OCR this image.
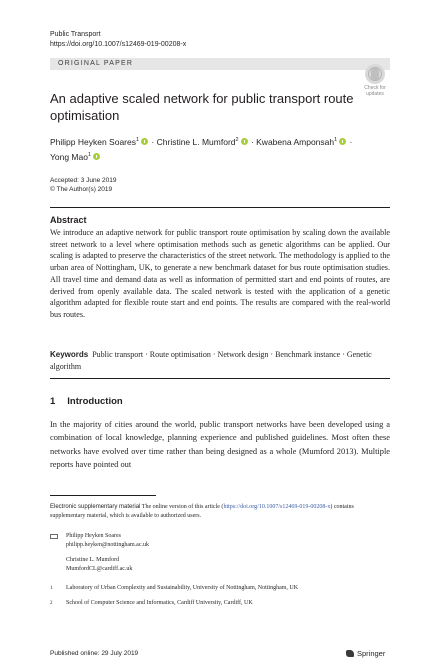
Public Transport
https://doi.org/10.1007/s12469-019-00208-x
ORIGINAL PAPER
Check for
updates
An adaptive scaled network for public transport route optimisation
Philipp Heyken Soares$^1$ · Christine L. Mumford$^2$ · Kwabena Amponsah$^1$ ·
Yong Mao$^1$
Accepted: 3 June 2019
© The Author(s) 2019
Abstract
We introduce an adaptive network for public transport route optimisation by scaling down the available street network to a level where optimisation methods such as genetic algorithms can be applied. Our scaling is adapted to preserve the characteristics of the street network. The methodology is applied to the urban area of Nottingham, UK, to generate a new benchmark dataset for bus route optimisation studies. All travel time and demand data as well as information of permitted start and end points of routes, are derived from openly available data. The scaled network is tested with the application of a genetic algorithm adapted for flexible route start and end points. The results are compared with the real-world bus routes.
Keywords Public transport · Route optimisation · Network design · Benchmark instance · Genetic algorithm
1 Introduction
In the majority of cities around the world, public transport networks have been developed using a combination of local knowledge, planning experience and published guidelines. Most often these networks have evolved over time rather than being designed as a whole (Mumford 2013). Multiple reports have pointed out
Electronic supplementary material The online version of this article (https://doi.org/10.1007/s12469-019-00208-x) contains supplementary material, which is available to authorized users.
Philipp Heyken Soares
philipp.heyken@nottingham.ac.uk
Christine L. Mumford
MumfordCL@cardiff.ac.uk
1 Laboratory of Urban Complexity and Sustainability, University of Nottingham, Nottingham, UK
2 School of Computer Science and Informatics, Cardiff University, Cardiff, UK
Published online: 29 July 2019	Springer
